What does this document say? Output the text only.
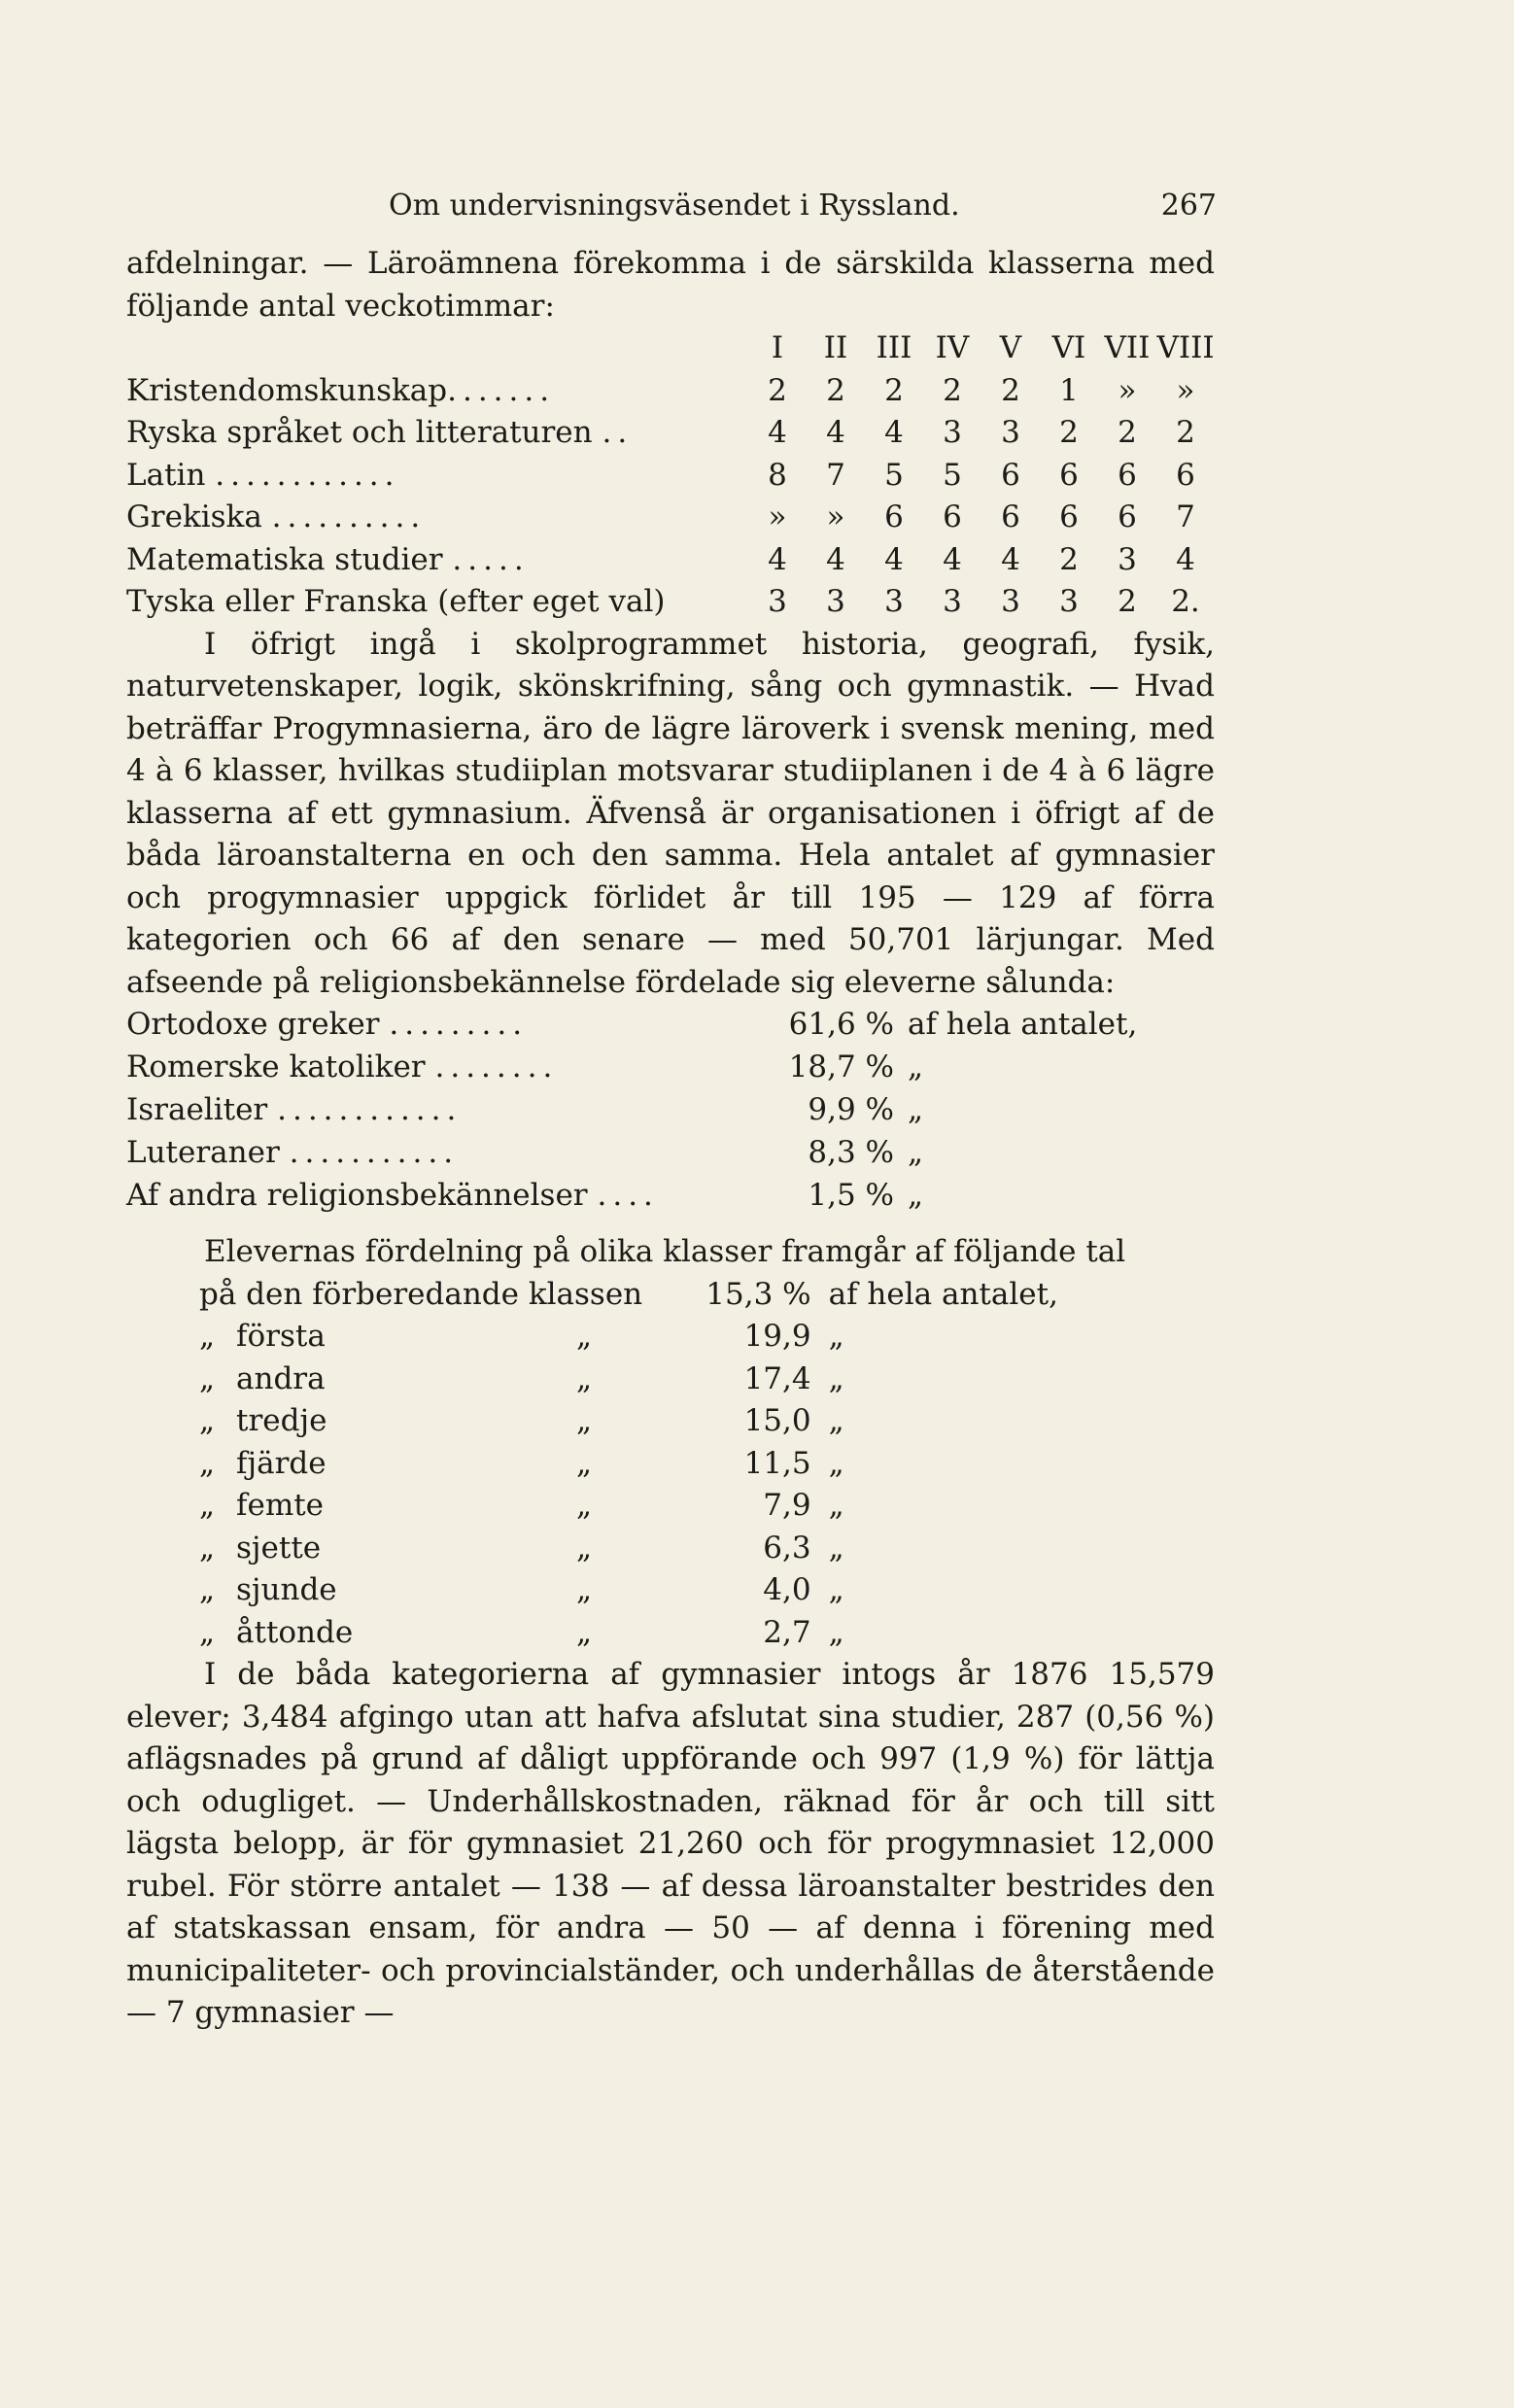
Om undervisningsväsendet i Ryssland.	267

afdelningar. — Läroämnena förekomma i de särskilda klasserna med följande antal veckotimmar:

	I	II	III	IV	V	VI	VII	VIII
Kristendomskunskap.......	2	2	2	2	2	1	»	»
Ryska språket och litteraturen ..	4	4	4	3	3	2	2	2
Latin ............	8	7	5	5	6	6	6	6
Grekiska ..........	»	»	6	6	6	6	6	7
Matematiska studier .....	4	4	4	4	4	2	3	4
Tyska eller Franska (efter eget val)	3	3	3	3	3	3	2	2.

I öfrigt ingå i skolprogrammet historia, geografi, fysik, naturvetenskaper, logik, skönskrifning, sång och gymnastik. — Hvad beträffar Progymnasierna, äro de lägre läroverk i svensk mening, med 4 à 6 klasser, hvilkas studiiplan motsvarar studiiplanen i de 4 à 6 lägre klasserna af ett gymnasium. Äfvenså är organisationen i öfrigt af de båda läroanstalterna en och den samma. Hela antalet af gymnasier och progymnasier uppgick förlidet år till 195 — 129 af förra kategorien och 66 af den senare — med 50,701 lärjungar. Med afseende på religionsbekännelse fördelade sig eleverne sålunda:

Ortodoxe greker .........	61,6 %	af hela antalet,
Romerske katoliker ........	18,7 %	„
Israeliter ............	9,9 %	„
Luteraner ...........	8,3 %	„
Af andra religionsbekännelser ....	1,5 %	„

Elevernas fördelning på olika klasser framgår af följande tal

på den förberedande klassen			15,3 %	af hela antalet,
„	första	„	19,9	„
„	andra	„	17,4	„
„	tredje	„	15,0	„
„	fjärde	„	11,5	„
„	femte	„	7,9	„
„	sjette	„	6,3	„
„	sjunde	„	4,0	„
„	åttonde	„	2,7	„

I de båda kategorierna af gymnasier intogs år 1876 15,579 elever; 3,484 afgingo utan att hafva afslutat sina studier, 287 (0,56 %) aflägsnades på grund af dåligt uppförande och 997 (1,9 %) för lättja och odugliget. — Underhållskostnaden, räknad för år och till sitt lägsta belopp, är för gymnasiet 21,260 och för progymnasiet 12,000 rubel. För större antalet — 138 — af dessa läroanstalter bestrides den af statskassan ensam, för andra — 50 — af denna i förening med municipaliteter- och provincialständer, och underhållas de återstående — 7 gymnasier —
